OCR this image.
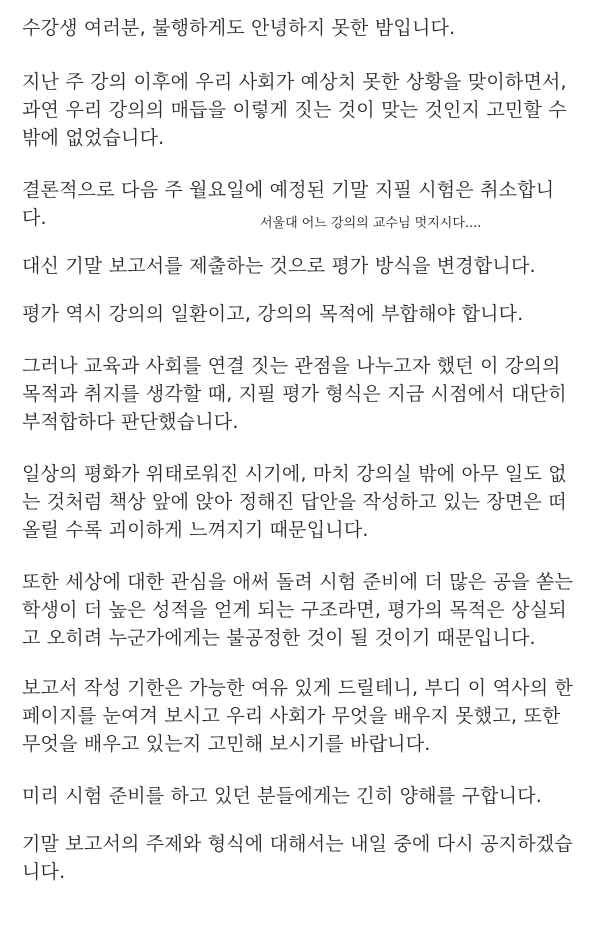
수강생 여러분, 불행하게도 안녕하지 못한 밤입니다.

지난 주 강의 이후에 우리 사회가 예상치 못한 상황을 맞이하면서,
과연 우리 강의의 매듭을 이렇게 짓는 것이 맞는 것인지 고민할 수
밖에 없었습니다.

결론적으로 다음 주 월요일에 예정된 기말 지필 시험은 취소합니
다.	서울대 어느 강의의 교수님 멋지시다....

대신 기말 보고서를 제출하는 것으로 평가 방식을 변경합니다.

평가 역시 강의의 일환이고, 강의의 목적에 부합해야 합니다.

그러나 교육과 사회를 연결 짓는 관점을 나누고자 했던 이 강의의
목적과 취지를 생각할 때, 지필 평가 형식은 지금 시점에서 대단히
부적합하다 판단했습니다.

일상의 평화가 위태로워진 시기에, 마치 강의실 밖에 아무 일도 없
는 것처럼 책상 앞에 앉아 정해진 답안을 작성하고 있는 장면은 떠
올릴 수록 괴이하게 느껴지기 때문입니다.

또한 세상에 대한 관심을 애써 돌려 시험 준비에 더 많은 공을 쏟는
학생이 더 높은 성적을 얻게 되는 구조라면, 평가의 목적은 상실되
고 오히려 누군가에게는 불공정한 것이 될 것이기 때문입니다.

보고서 작성 기한은 가능한 여유 있게 드릴테니, 부디 이 역사의 한
페이지를 눈여겨 보시고 우리 사회가 무엇을 배우지 못했고, 또한
무엇을 배우고 있는지 고민해 보시기를 바랍니다.

미리 시험 준비를 하고 있던 분들에게는 긴히 양해를 구합니다.

기말 보고서의 주제와 형식에 대해서는 내일 중에 다시 공지하겠습
니다.
